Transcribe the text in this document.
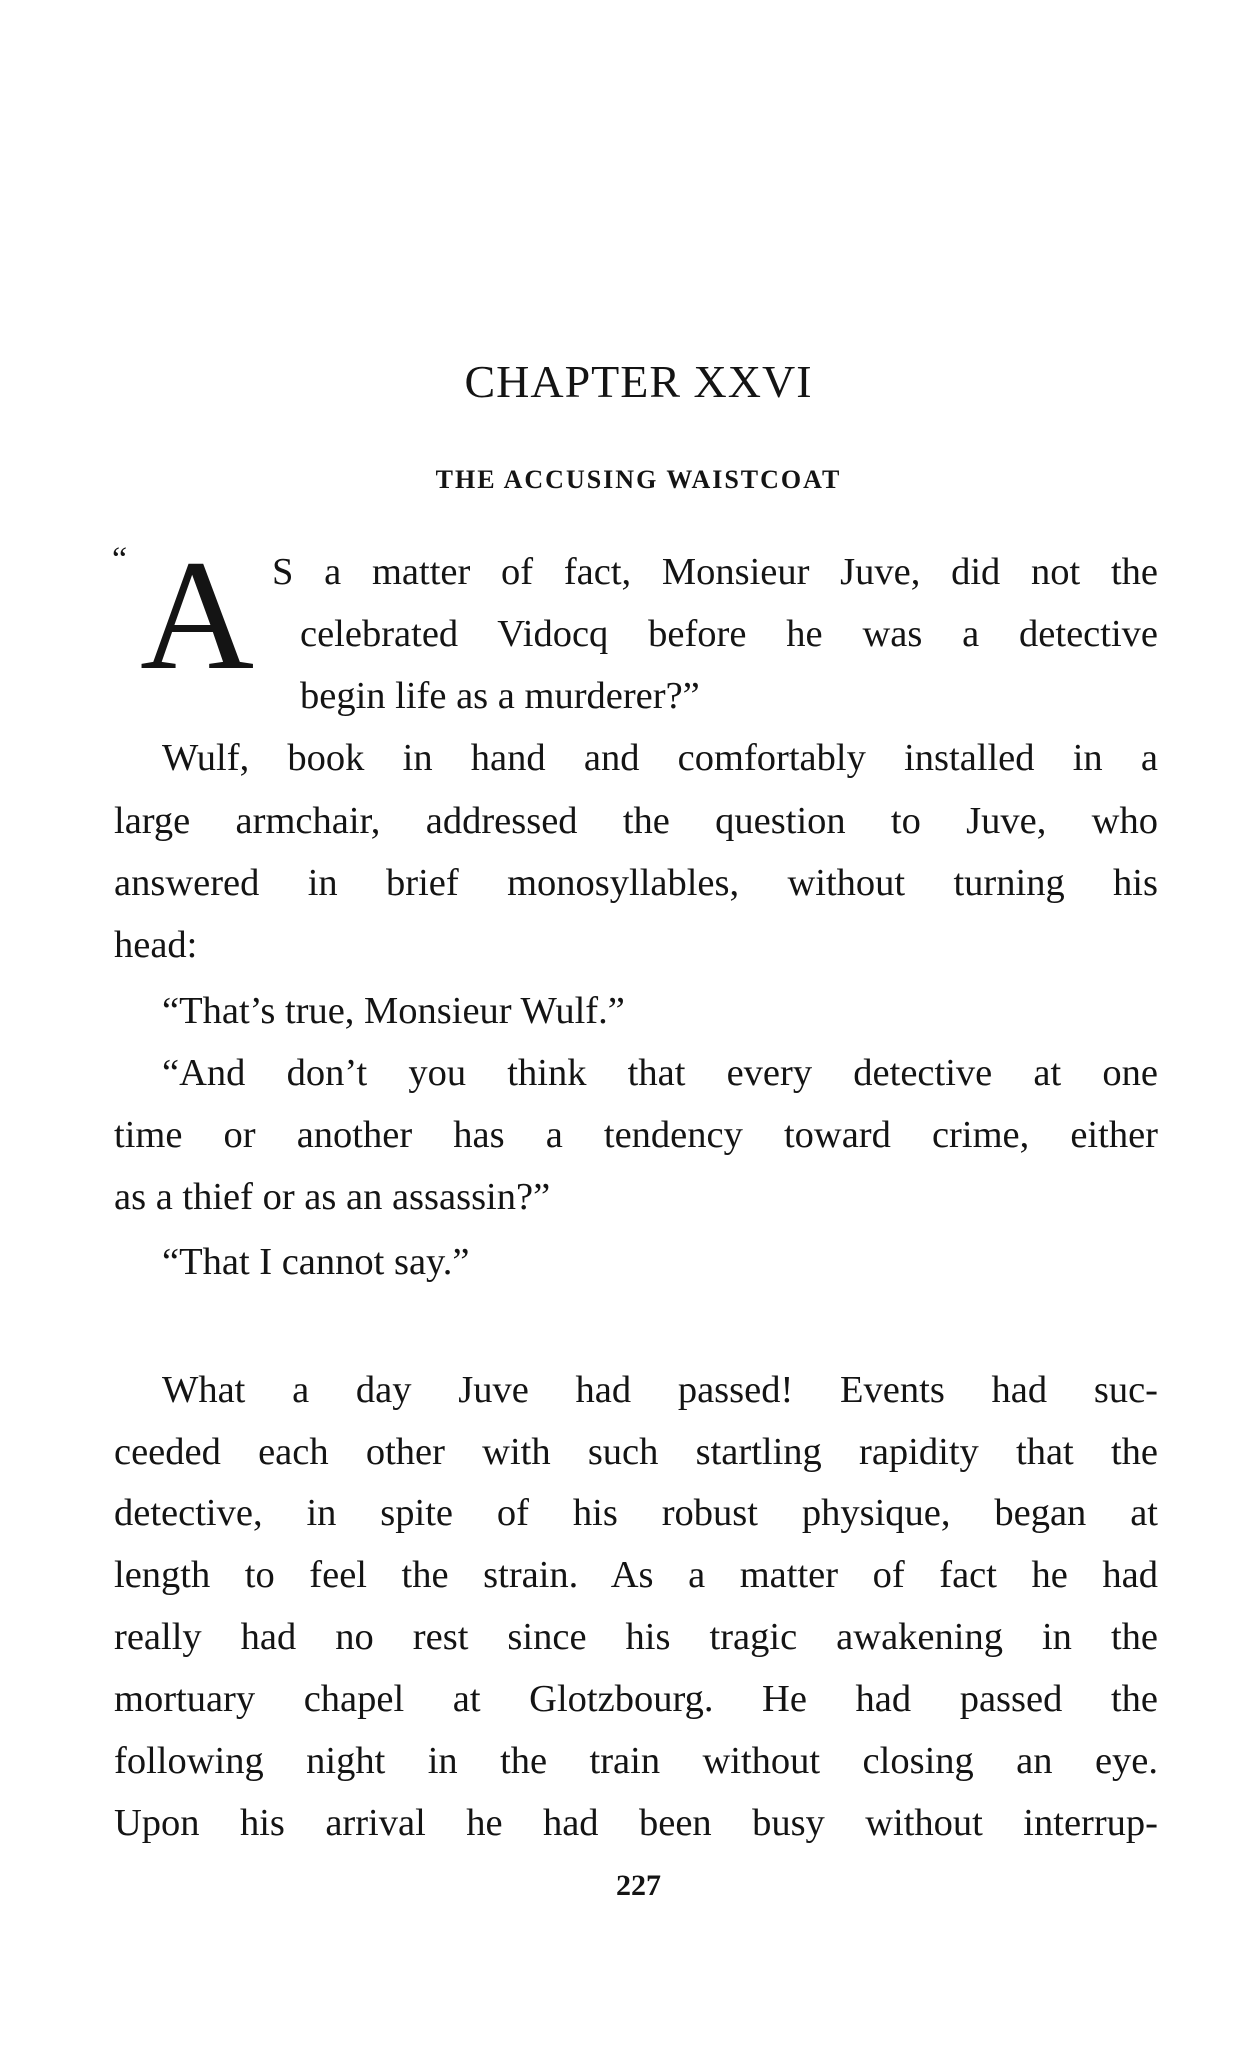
CHAPTER XXVI
THE ACCUSING WAISTCOAT
“ A S a matter of fact, Monsieur Juve, did not the
celebrated Vidocq before he was a detective
begin life as a murderer?”
Wulf, book in hand and comfortably installed in a
large armchair, addressed the question to Juve, who
answered in brief monosyllables, without turning his
head:
“That’s true, Monsieur Wulf.”
“And don’t you think that every detective at one
time or another has a tendency toward crime, either
as a thief or as an assassin?”
“That I cannot say.”
What a day Juve had passed! Events had suc-
ceeded each other with such startling rapidity that the
detective, in spite of his robust physique, began at
length to feel the strain. As a matter of fact he had
really had no rest since his tragic awakening in the
mortuary chapel at Glotzbourg. He had passed the
following night in the train without closing an eye.
Upon his arrival he had been busy without interrup-
227
